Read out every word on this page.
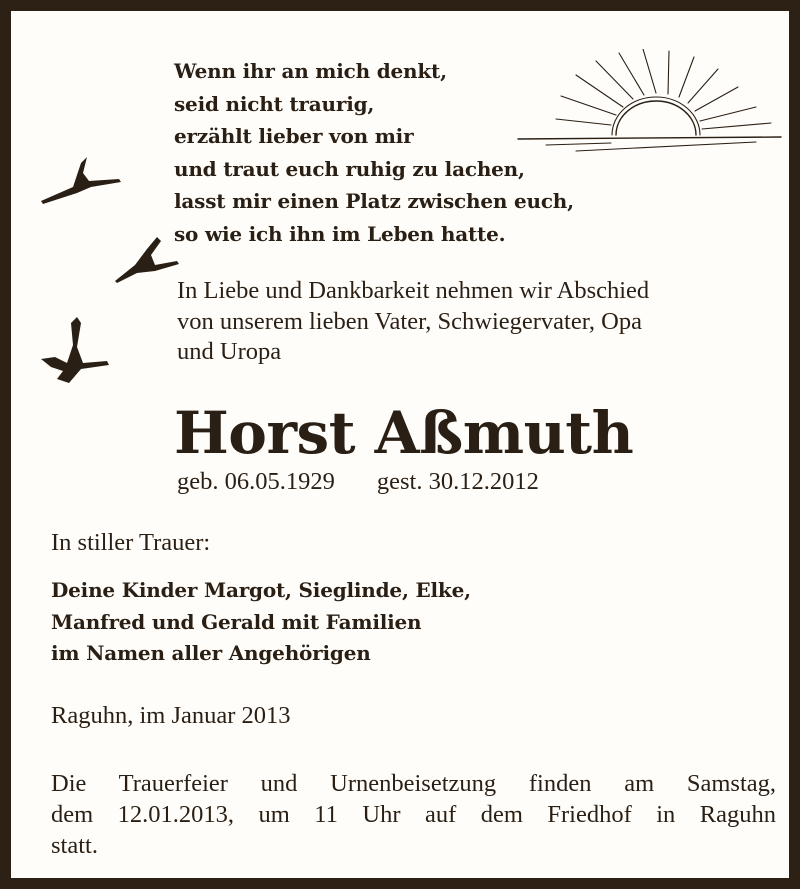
Wenn ihr an mich denkt,
seid nicht traurig,
erzählt lieber von mir
und traut euch ruhig zu lachen,
lasst mir einen Platz zwischen euch,
so wie ich ihn im Leben hatte.
In Liebe und Dankbarkeit nehmen wir Abschied
von unserem lieben Vater, Schwiegervater, Opa
und Uropa
Horst Aßmuth
geb. 06.05.1929 gest. 30.12.2012
In stiller Trauer:
Deine Kinder Margot, Sieglinde, Elke,
Manfred und Gerald mit Familien
im Namen aller Angehörigen
Raguhn, im Januar 2013
Die Trauerfeier und Urnenbeisetzung finden am Samstag,
dem 12.01.2013, um 11 Uhr auf dem Friedhof in Raguhn
statt.
